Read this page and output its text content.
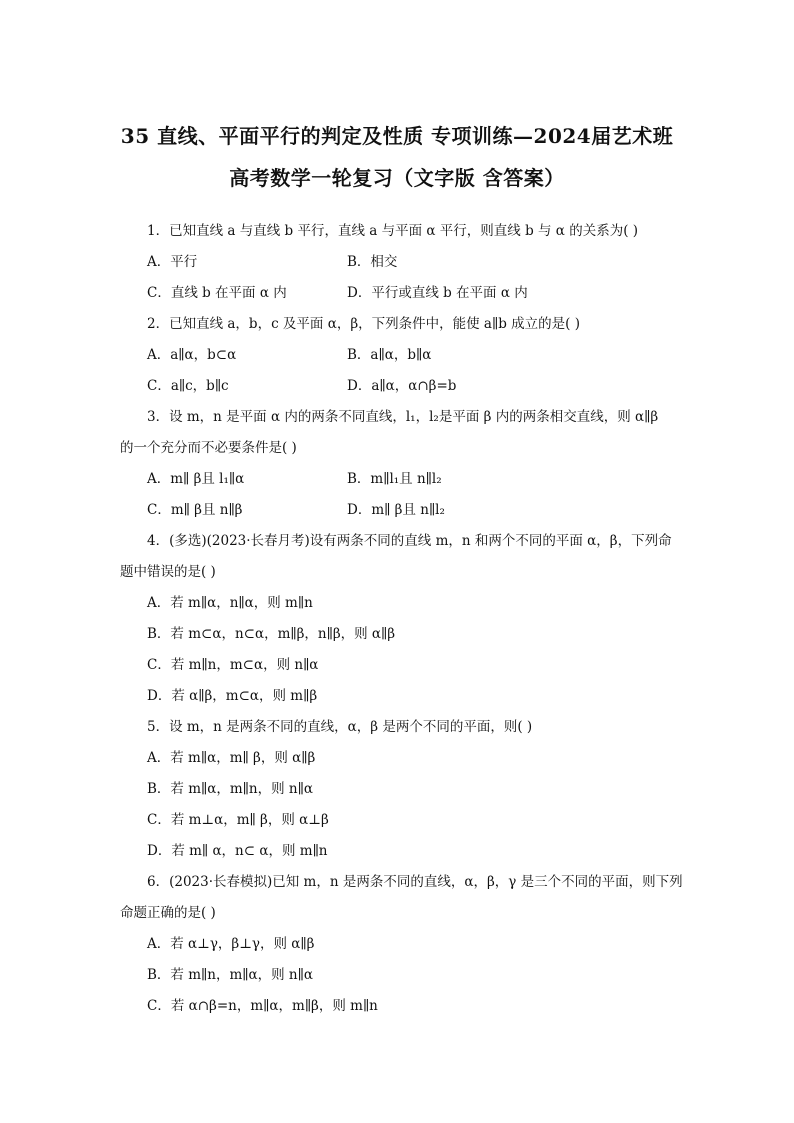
35 直线、平面平行的判定及性质 专项训练—2024届艺术班
高考数学一轮复习（文字版 含答案）
1．已知直线 a 与直线 b 平行，直线 a 与平面 α 平行，则直线 b 与 α 的关系为( )
A．平行	B．相交
C．直线 b 在平面 α 内	D．平行或直线 b 在平面 α 内
2．已知直线 a，b，c 及平面 α，β，下列条件中，能使 a∥b 成立的是( )
A．a∥α，b⊂α	B．a∥α，b∥α
C．a∥c，b∥c	D．a∥α，α∩β=b
3．设 m，n 是平面 α 内的两条不同直线，l₁，l₂是平面 β 内的两条相交直线，则 α∥β
的一个充分而不必要条件是( )
A．m∥ β且 l₁∥α	B．m∥l₁且 n∥l₂
C．m∥ β且 n∥β	D．m∥ β且 n∥l₂
4．(多选)(2023·长春月考)设有两条不同的直线 m，n 和两个不同的平面 α，β，下列命
题中错误的是( )
A．若 m∥α，n∥α，则 m∥n
B．若 m⊂α，n⊂α，m∥β，n∥β，则 α∥β
C．若 m∥n，m⊂α，则 n∥α
D．若 α∥β，m⊂α，则 m∥β
5．设 m，n 是两条不同的直线，α，β 是两个不同的平面，则( )
A．若 m∥α，m∥ β，则 α∥β
B．若 m∥α，m∥n，则 n∥α
C．若 m⊥α，m∥ β，则 α⊥β
D．若 m∥ α，n⊂ α，则 m∥n
6．(2023·长春模拟)已知 m，n 是两条不同的直线，α，β，γ 是三个不同的平面，则下列
命题正确的是( )
A．若 α⊥γ，β⊥γ，则 α∥β
B．若 m∥n，m∥α，则 n∥α
C．若 α∩β=n，m∥α，m∥β，则 m∥n
